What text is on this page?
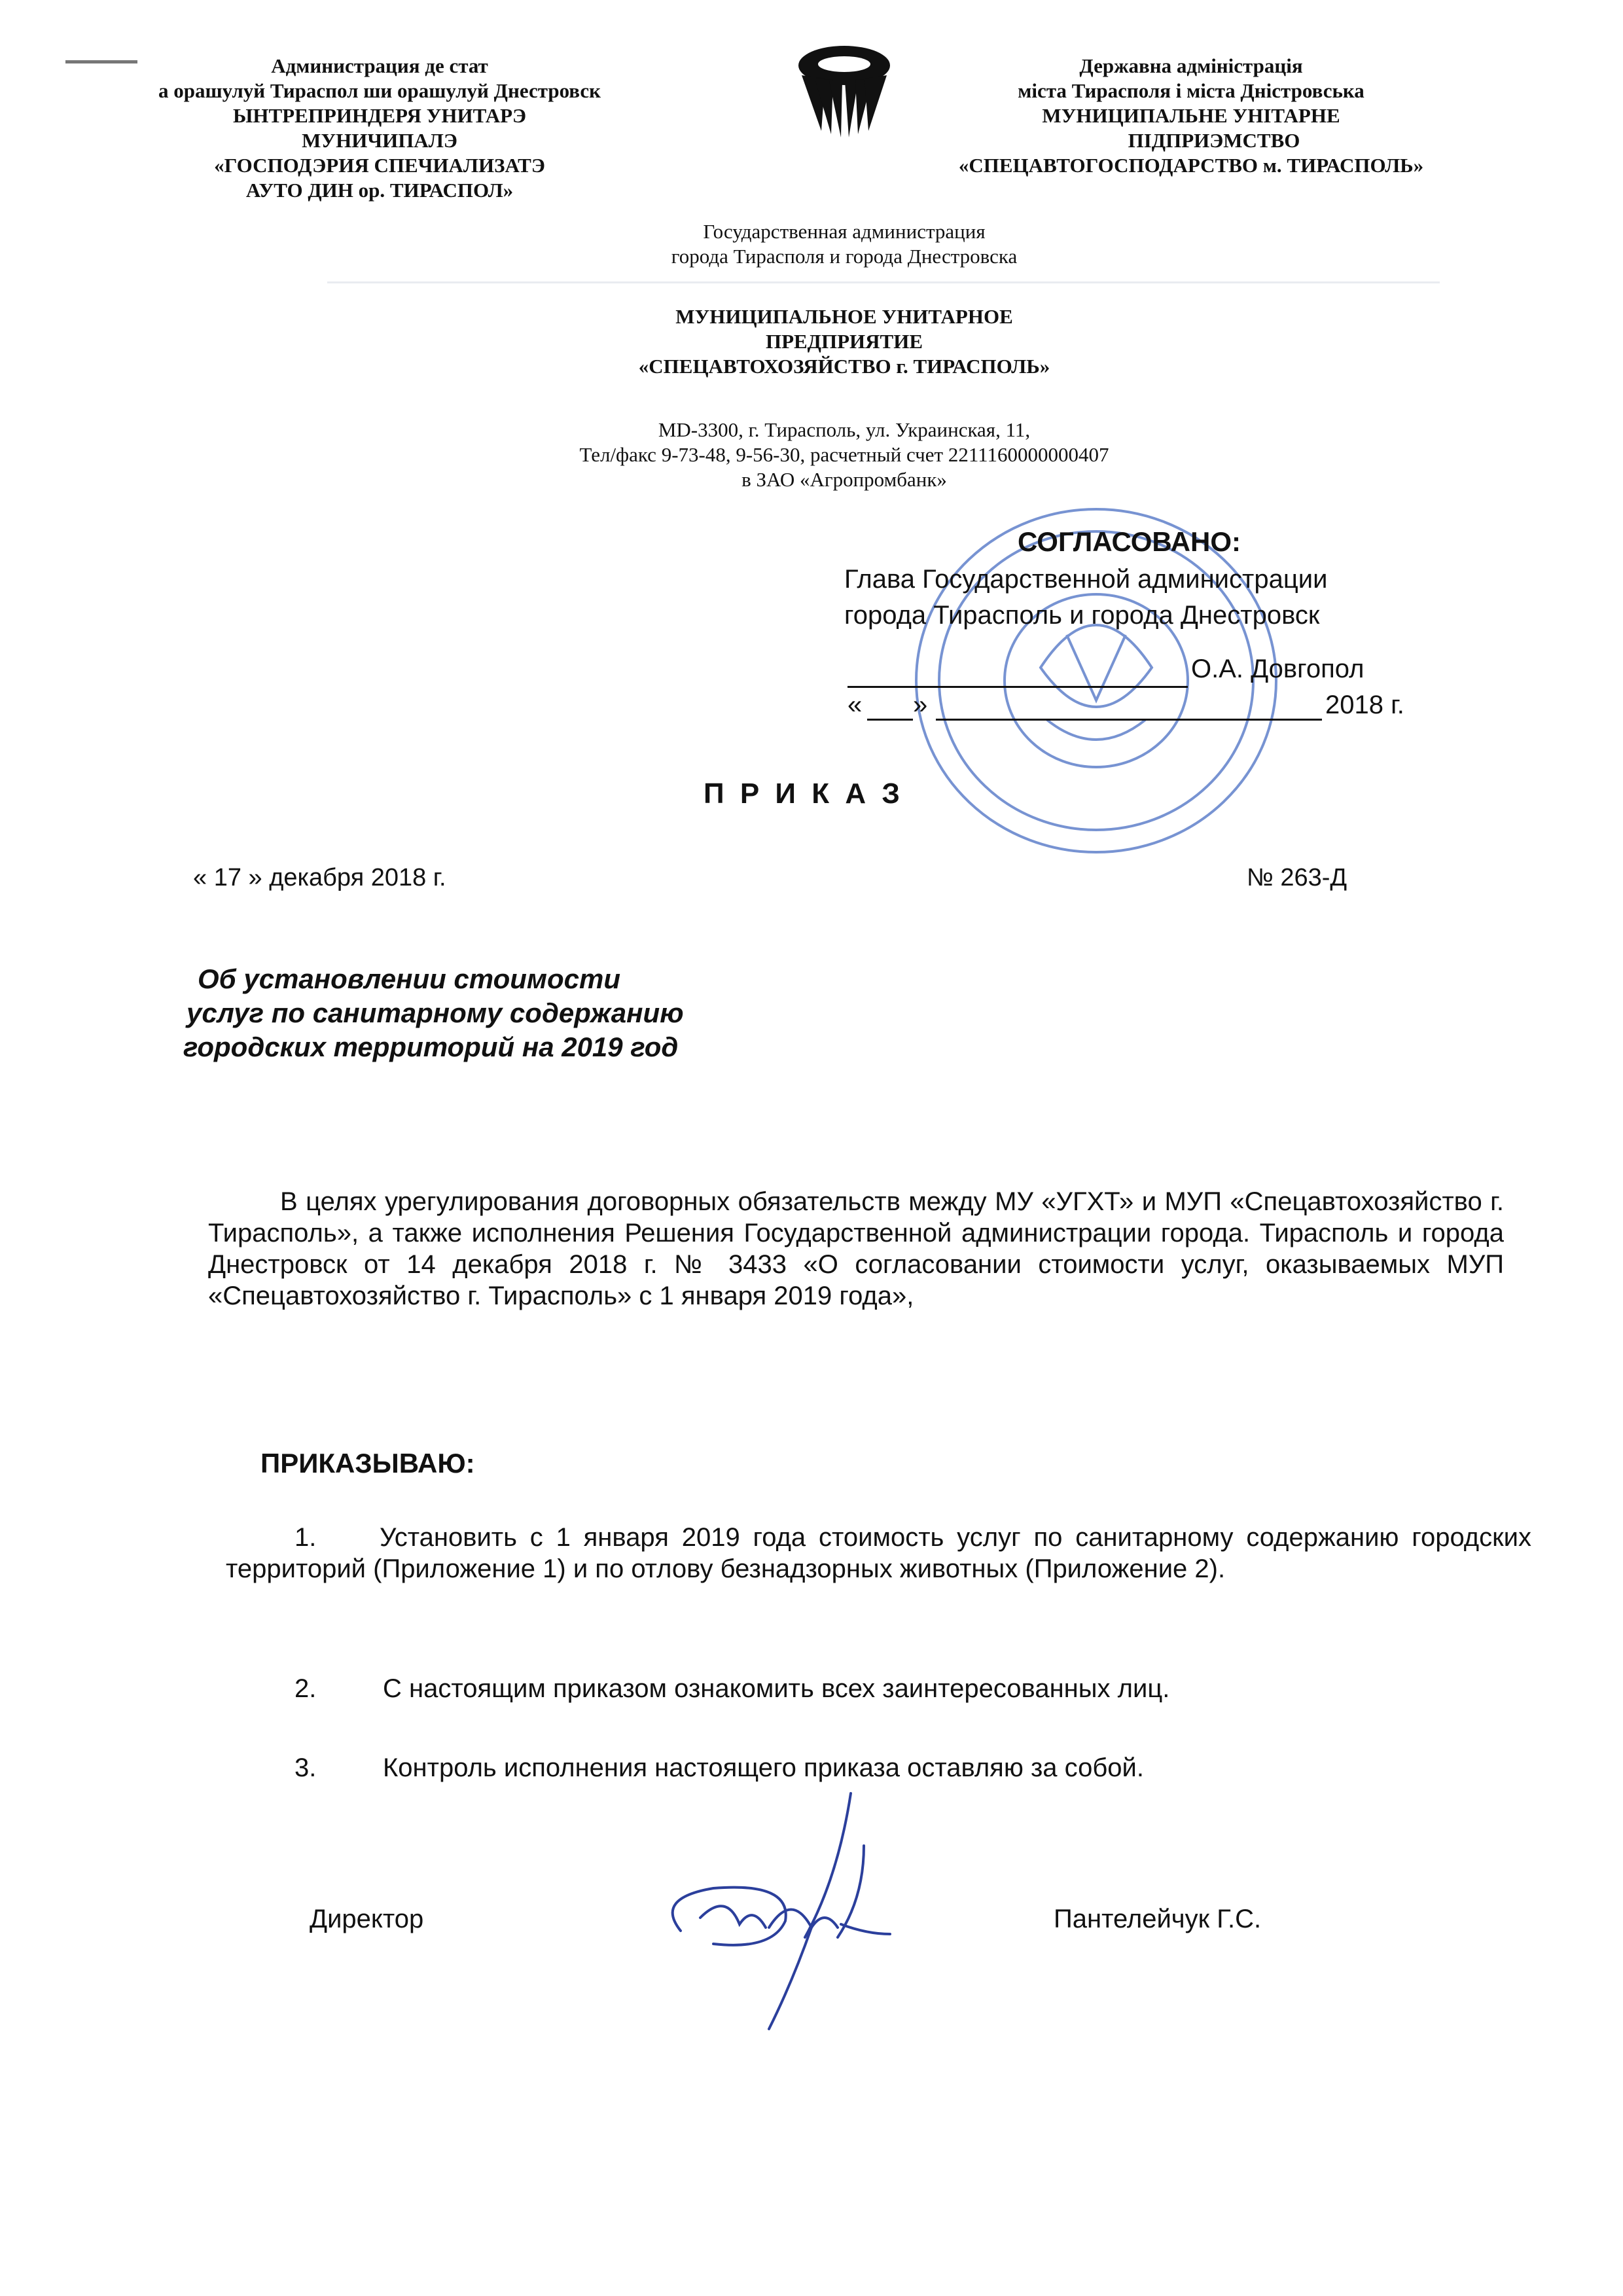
Администрация де стат
а орашулуй Тираспол ши орашулуй Днестровск
ЫНТРЕПРИНДЕРЯ УНИТАРЭ
МУНИЧИПАЛЭ
«ГОСПОДЭРИЯ СПЕЧИАЛИЗАТЭ
АУТО ДИН ор. ТИРАСПОЛ»
Державна адміністрація
міста Тирасполя і міста Дністровська
МУНИЦИПАЛЬНЕ УНІТАРНЕ
ПІДПРИЭМСТВО
«СПЕЦАВТОГОСПОДАРСТВО м. ТИРАСПОЛЬ»
Государственная администрация
города Тирасполя и города Днестровска
МУНИЦИПАЛЬНОЕ УНИТАРНОЕ
ПРЕДПРИЯТИЕ
«СПЕЦАВТОХОЗЯЙСТВО г. ТИРАСПОЛЬ»
MD-3300, г. Тирасполь, ул. Украинская, 11,
Тел/факс 9-73-48, 9-56-30, расчетный счет 2211160000000407
в ЗАО «Агропромбанк»
СОГЛАСОВАНО:
Глава Государственной администрации
города Тирасполь и города Днестровск
О.А. Довгопол
«	»	2018 г.
П Р И К А З
« 17 » декабря 2018 г.	№ 263-Д
Об установлении стоимости
услуг по санитарному содержанию
городских территорий на 2019 год
В целях урегулирования договорных обязательств между МУ «УГХТ» и МУП «Спецавтохозяйство г. Тирасполь», а также исполнения Решения Государственной администрации города. Тирасполь и города Днестровск от 14 декабря 2018 г. № 3433 «О согласовании стоимости услуг, оказываемых МУП «Спецавтохозяйство г. Тирасполь» с 1 января 2019 года»,
ПРИКАЗЫВАЮ:
1. Установить с 1 января 2019 года стоимость услуг по санитарному содержанию городских территорий (Приложение 1) и по отлову безнадзорных животных (Приложение 2).
2.	С настоящим приказом ознакомить всех заинтересованных лиц.
3.	Контроль исполнения настоящего приказа оставляю за собой.
Директор	Пантелейчук Г.С.
